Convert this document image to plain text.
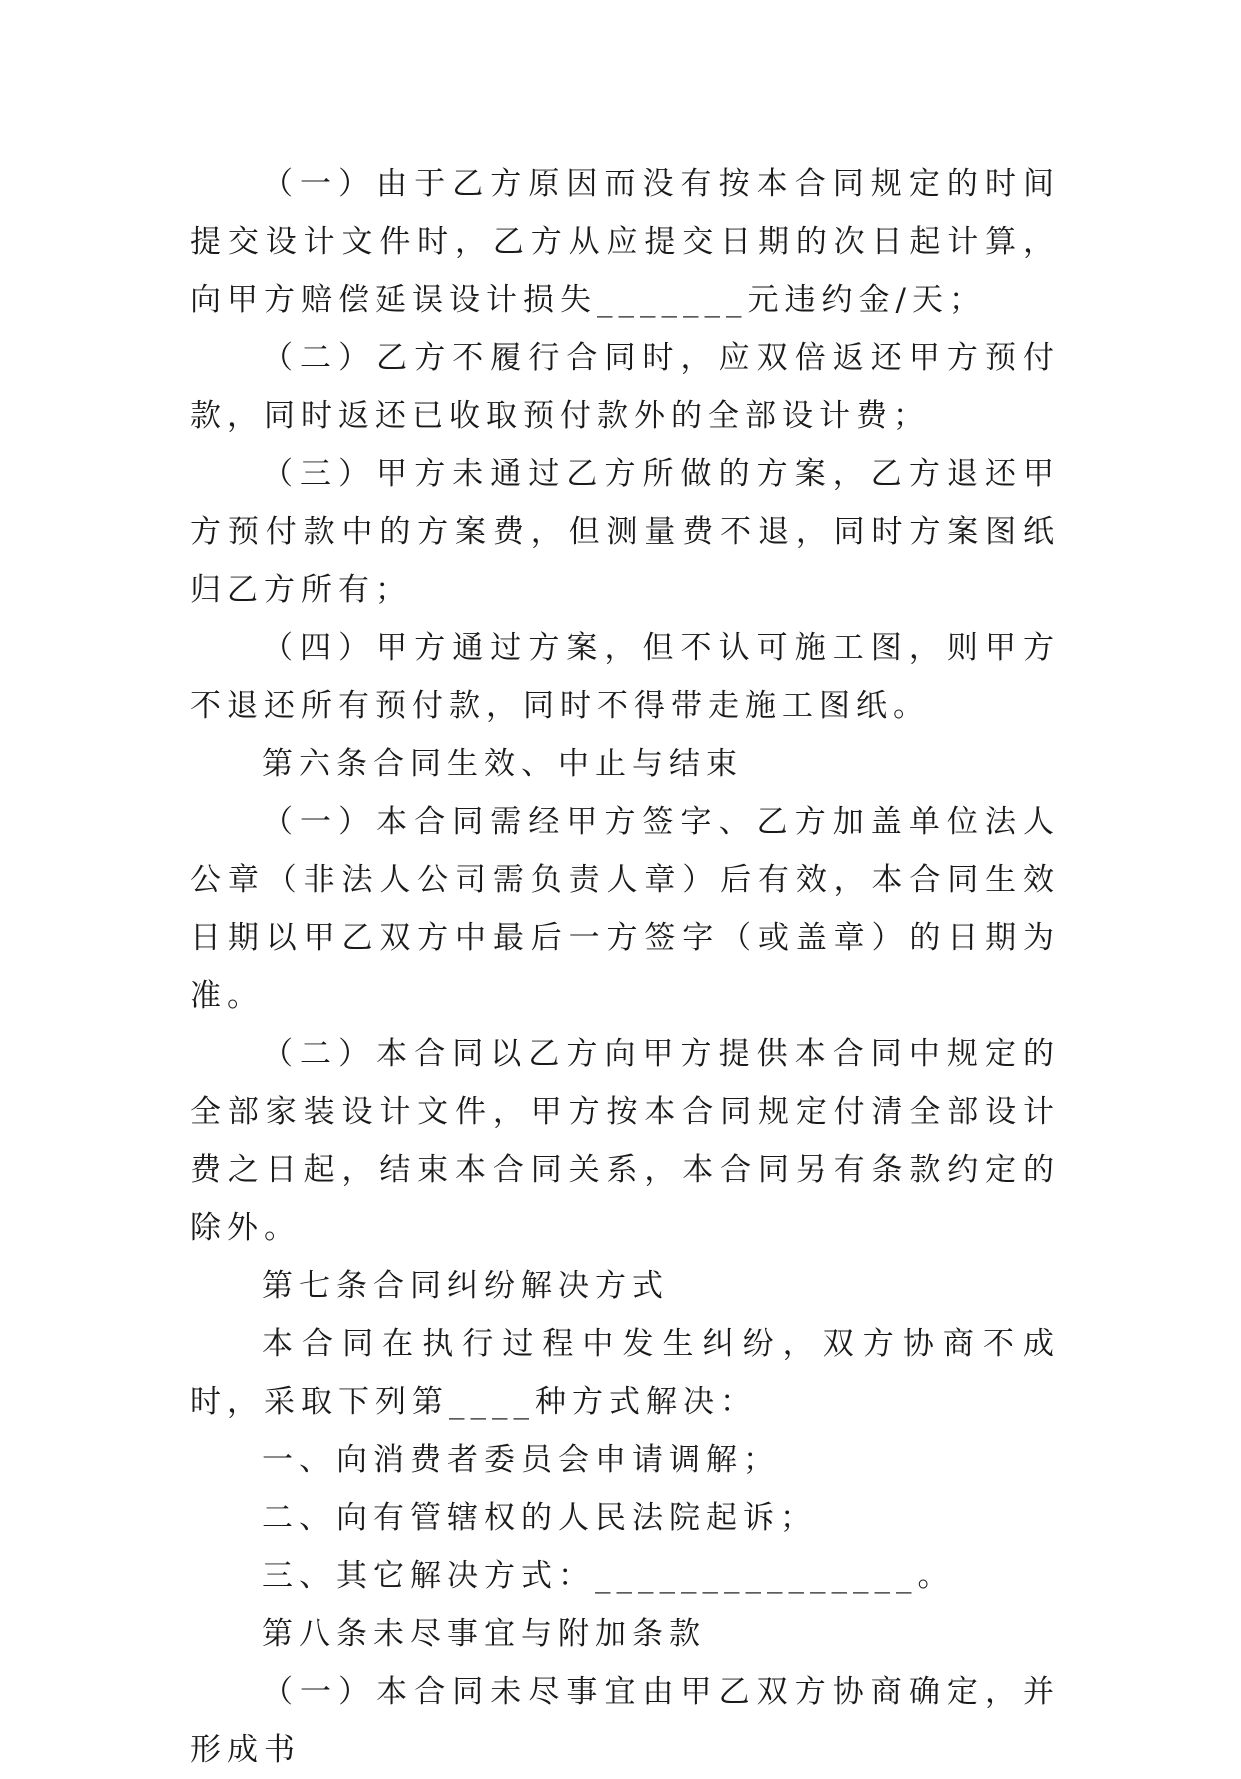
（一）由于乙方原因而没有按本合同规定的时间提交设计文件时，乙方从应提交日期的次日起计算，向甲方赔偿延误设计损失_______元违约金/天；

（二）乙方不履行合同时，应双倍返还甲方预付款，同时返还已收取预付款外的全部设计费；

（三）甲方未通过乙方所做的方案，乙方退还甲方预付款中的方案费，但测量费不退，同时方案图纸归乙方所有；

（四）甲方通过方案，但不认可施工图，则甲方不退还所有预付款，同时不得带走施工图纸。

第六条合同生效、中止与结束

（一）本合同需经甲方签字、乙方加盖单位法人公章（非法人公司需负责人章）后有效，本合同生效日期以甲乙双方中最后一方签字（或盖章）的日期为准。

（二）本合同以乙方向甲方提供本合同中规定的全部家装设计文件，甲方按本合同规定付清全部设计费之日起，结束本合同关系，本合同另有条款约定的除外。

第七条合同纠纷解决方式

本合同在执行过程中发生纠纷，双方协商不成时，采取下列第____种方式解决：

一、向消费者委员会申请调解；

二、向有管辖权的人民法院起诉；

三、其它解决方式：_______________。

第八条未尽事宜与附加条款

（一）本合同未尽事宜由甲乙双方协商确定，并形成书
